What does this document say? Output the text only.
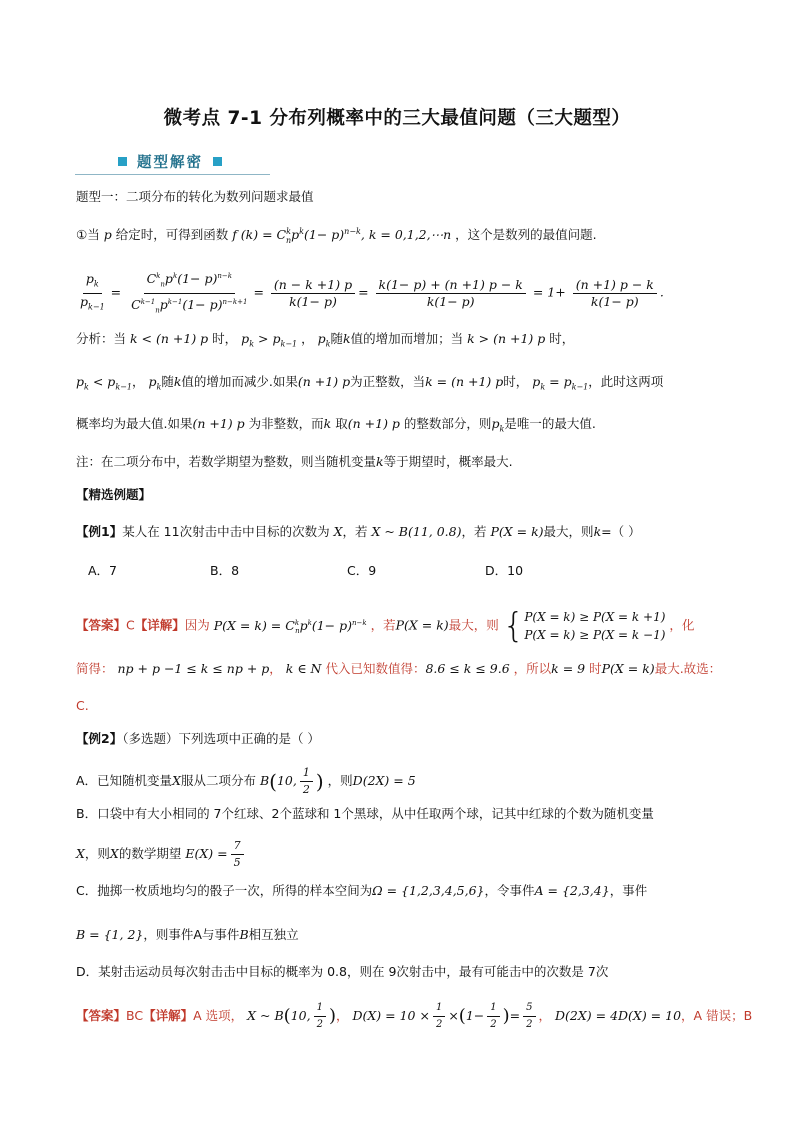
微考点 7-1 分布列概率中的三大最值问题（三大题型）
题型解密
题型一：二项分布的转化为数列问题求最值
①当 p 给定时，可得到函数 f $(k) = C^k_np^k(1- p)^{n-k}$, k = 0,1,2,⋯n ，这个是数列的最值问题.
$\frac{p_k}{p_{k-1}} = \frac{C^k_np^k(1- p)^{n-k}}{C^{k-1}_np^{k-1}(1- p)^{n-k+1}} = \frac{(n - k +1) p}{k(1- p)} = \frac{k(1- p) + (n +1) p - k}{k(1- p)} = 1+ \frac{(n +1) p - k}{k(1- p)}$ .
分析：当 k < (n +1) p 时， $p_k > p_{k-1}$ ， $p_k$随k值的增加而增加；当 k > (n +1) p 时，
$p_k < p_{k-1}$， $p_k$随k值的增加而减少.如果(n +1) p为正整数，当k = (n +1) p时， $p_k = p_{k-1}$，此时这两项
概率均为最大值.如果(n +1) p 为非整数，而k 取(n +1) p 的整数部分，则$p_k$是唯一的最大值.
注：在二项分布中，若数学期望为整数，则当随机变量k等于期望时，概率最大.
【精选例题】
【例1】某人在 11次射击中击中目标的次数为 X，若 X ~ B(11, 0.8)，若 P(X = k)最大，则k=（ ）
A．7	B．8	C．9	D．10
【答案】C【详解】因为 $P(X = k) = C^k_np^k(1- p)^{n-k}$ ，若P(X = k)最大，则 { P(X = k) ≥ P(X = k +1)
P(X = k) ≥ P(X = k −1)
，化
简得： np + p −1 ≤ k ≤ np + p， k ∈ N 代入已知数值得：8.6 ≤ k ≤ 9.6 ，所以k = 9 时P(X = k)最大.故选：
C.
【例2】（多选题）下列选项中正确的是（ ）
A．已知随机变量X服从二项分布 B(10, $\frac{1}{2}$ ) ，则D(2X) = 5
B．口袋中有大小相同的 7个红球、2个蓝球和 1个黑球，从中任取两个球，记其中红球的个数为随机变量
X，则X的数学期望 $E(X) = \frac{7}{5}$
C．抛掷一枚质地均匀的骰子一次，所得的样本空间为Ω = {1,2,3,4,5,6}，令事件A = {2,3,4}，事件
B = {1, 2}，则事件A与事件B相互独立
D．某射击运动员每次射击击中目标的概率为 0.8，则在 9次射击中，最有可能击中的次数是 7次
【答案】BC【详解】A 选项， X ~ B(10, $\frac{1}{2}$ )， $D(X) = 10 \times \frac{1}{2} \times(1- \frac{1}{2}$ )= $\frac{5}{2}$ ， D(2X) = 4D(X) = 10，A 错误；B
